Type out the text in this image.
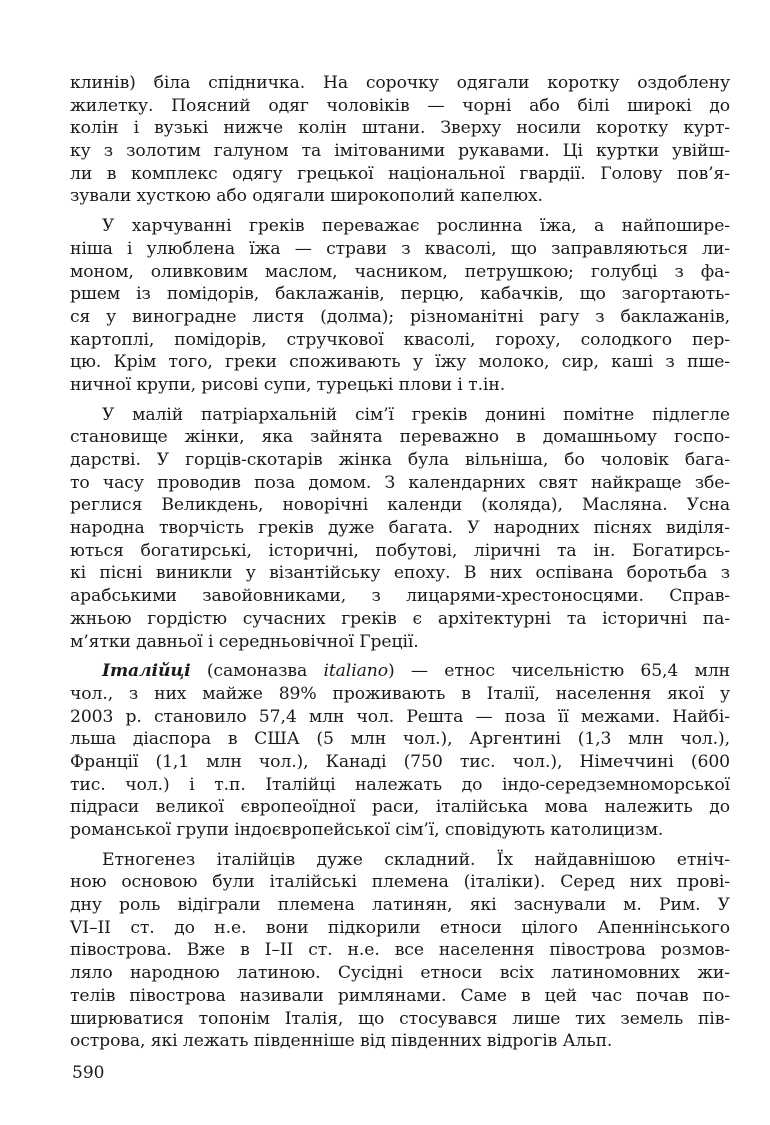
клинів) біла спідничка. На сорочку одягали коротку оздоблену
жилетку. Поясний одяг чоловіків — чорні або білі широкі до
колін і вузькі нижче колін штани. Зверху носили коротку курт-
ку з золотим галуном та імітованими рукавами. Ці куртки увійш-
ли в комплекс одягу грецької національної гвардії. Голову пов’я-
зували хусткою або одягали широкополий капелюх.
У харчуванні греків переважає рослинна їжа, а найпошире-
ніша і улюблена їжа — страви з квасолі, що заправляються ли-
моном, оливковим маслом, часником, петрушкою; голубці з фа-
ршем із помідорів, баклажанів, перцю, кабачків, що загортають-
ся у виноградне листя (долма); різноманітні рагу з баклажанів,
картоплі, помідорів, стручкової квасолі, гороху, солодкого пер-
цю. Крім того, греки споживають у їжу молоко, сир, каші з пше-
ничної крупи, рисові супи, турецькі плови і т.ін.
У малій патріархальній сім’ї греків донині помітне підлегле
становище жінки, яка зайнята переважно в домашньому госпо-
дарстві. У горців-скотарів жінка була вільніша, бо чоловік бага-
то часу проводив поза домом. З календарних свят найкраще збе-
реглися Великдень, новорічні календи (коляда), Масляна. Усна
народна творчість греків дуже багата. У народних піснях виділя-
ються богатирські, історичні, побутові, ліричні та ін. Богатирсь-
кі пісні виникли у візантійську епоху. В них оспівана боротьба з
арабськими завойовниками, з лицарями-хрестоносцями. Справ-
жньою гордістю сучасних греків є архітектурні та історичні па-
м’ятки давньої і середньовічної Греції.
Італійці (самоназва italiano) — етнос чисельністю 65,4 млн
чол., з них майже 89% проживають в Італії, населення якої у
2003 р. становило 57,4 млн чол. Решта — поза її межами. Найбі-
льша діаспора в США (5 млн чол.), Аргентині (1,3 млн чол.),
Франції (1,1 млн чол.), Канаді (750 тис. чол.), Німеччині (600
тис. чол.) і т.п. Італійці належать до індо-середземноморської
підраси великої європеоїдної раси, італійська мова належить до
романської групи індоєвропейської сім’ї, сповідують католицизм.
Етногенез італійців дуже складний. Їх найдавнішою етніч-
ною основою були італійські племена (італіки). Серед них прові-
дну роль відіграли племена латинян, які заснували м. Рим. У
VI–II ст. до н.е. вони підкорили етноси цілого Апеннінського
півострова. Вже в I–II ст. н.е. все населення півострова розмов-
ляло народною латиною. Сусідні етноси всіх латиномовних жи-
телів півострова називали римлянами. Саме в цей час почав по-
ширюватися топонім Італія, що стосувався лише тих земель пів-
острова, які лежать південніше від південних відрогів Альп.
590
